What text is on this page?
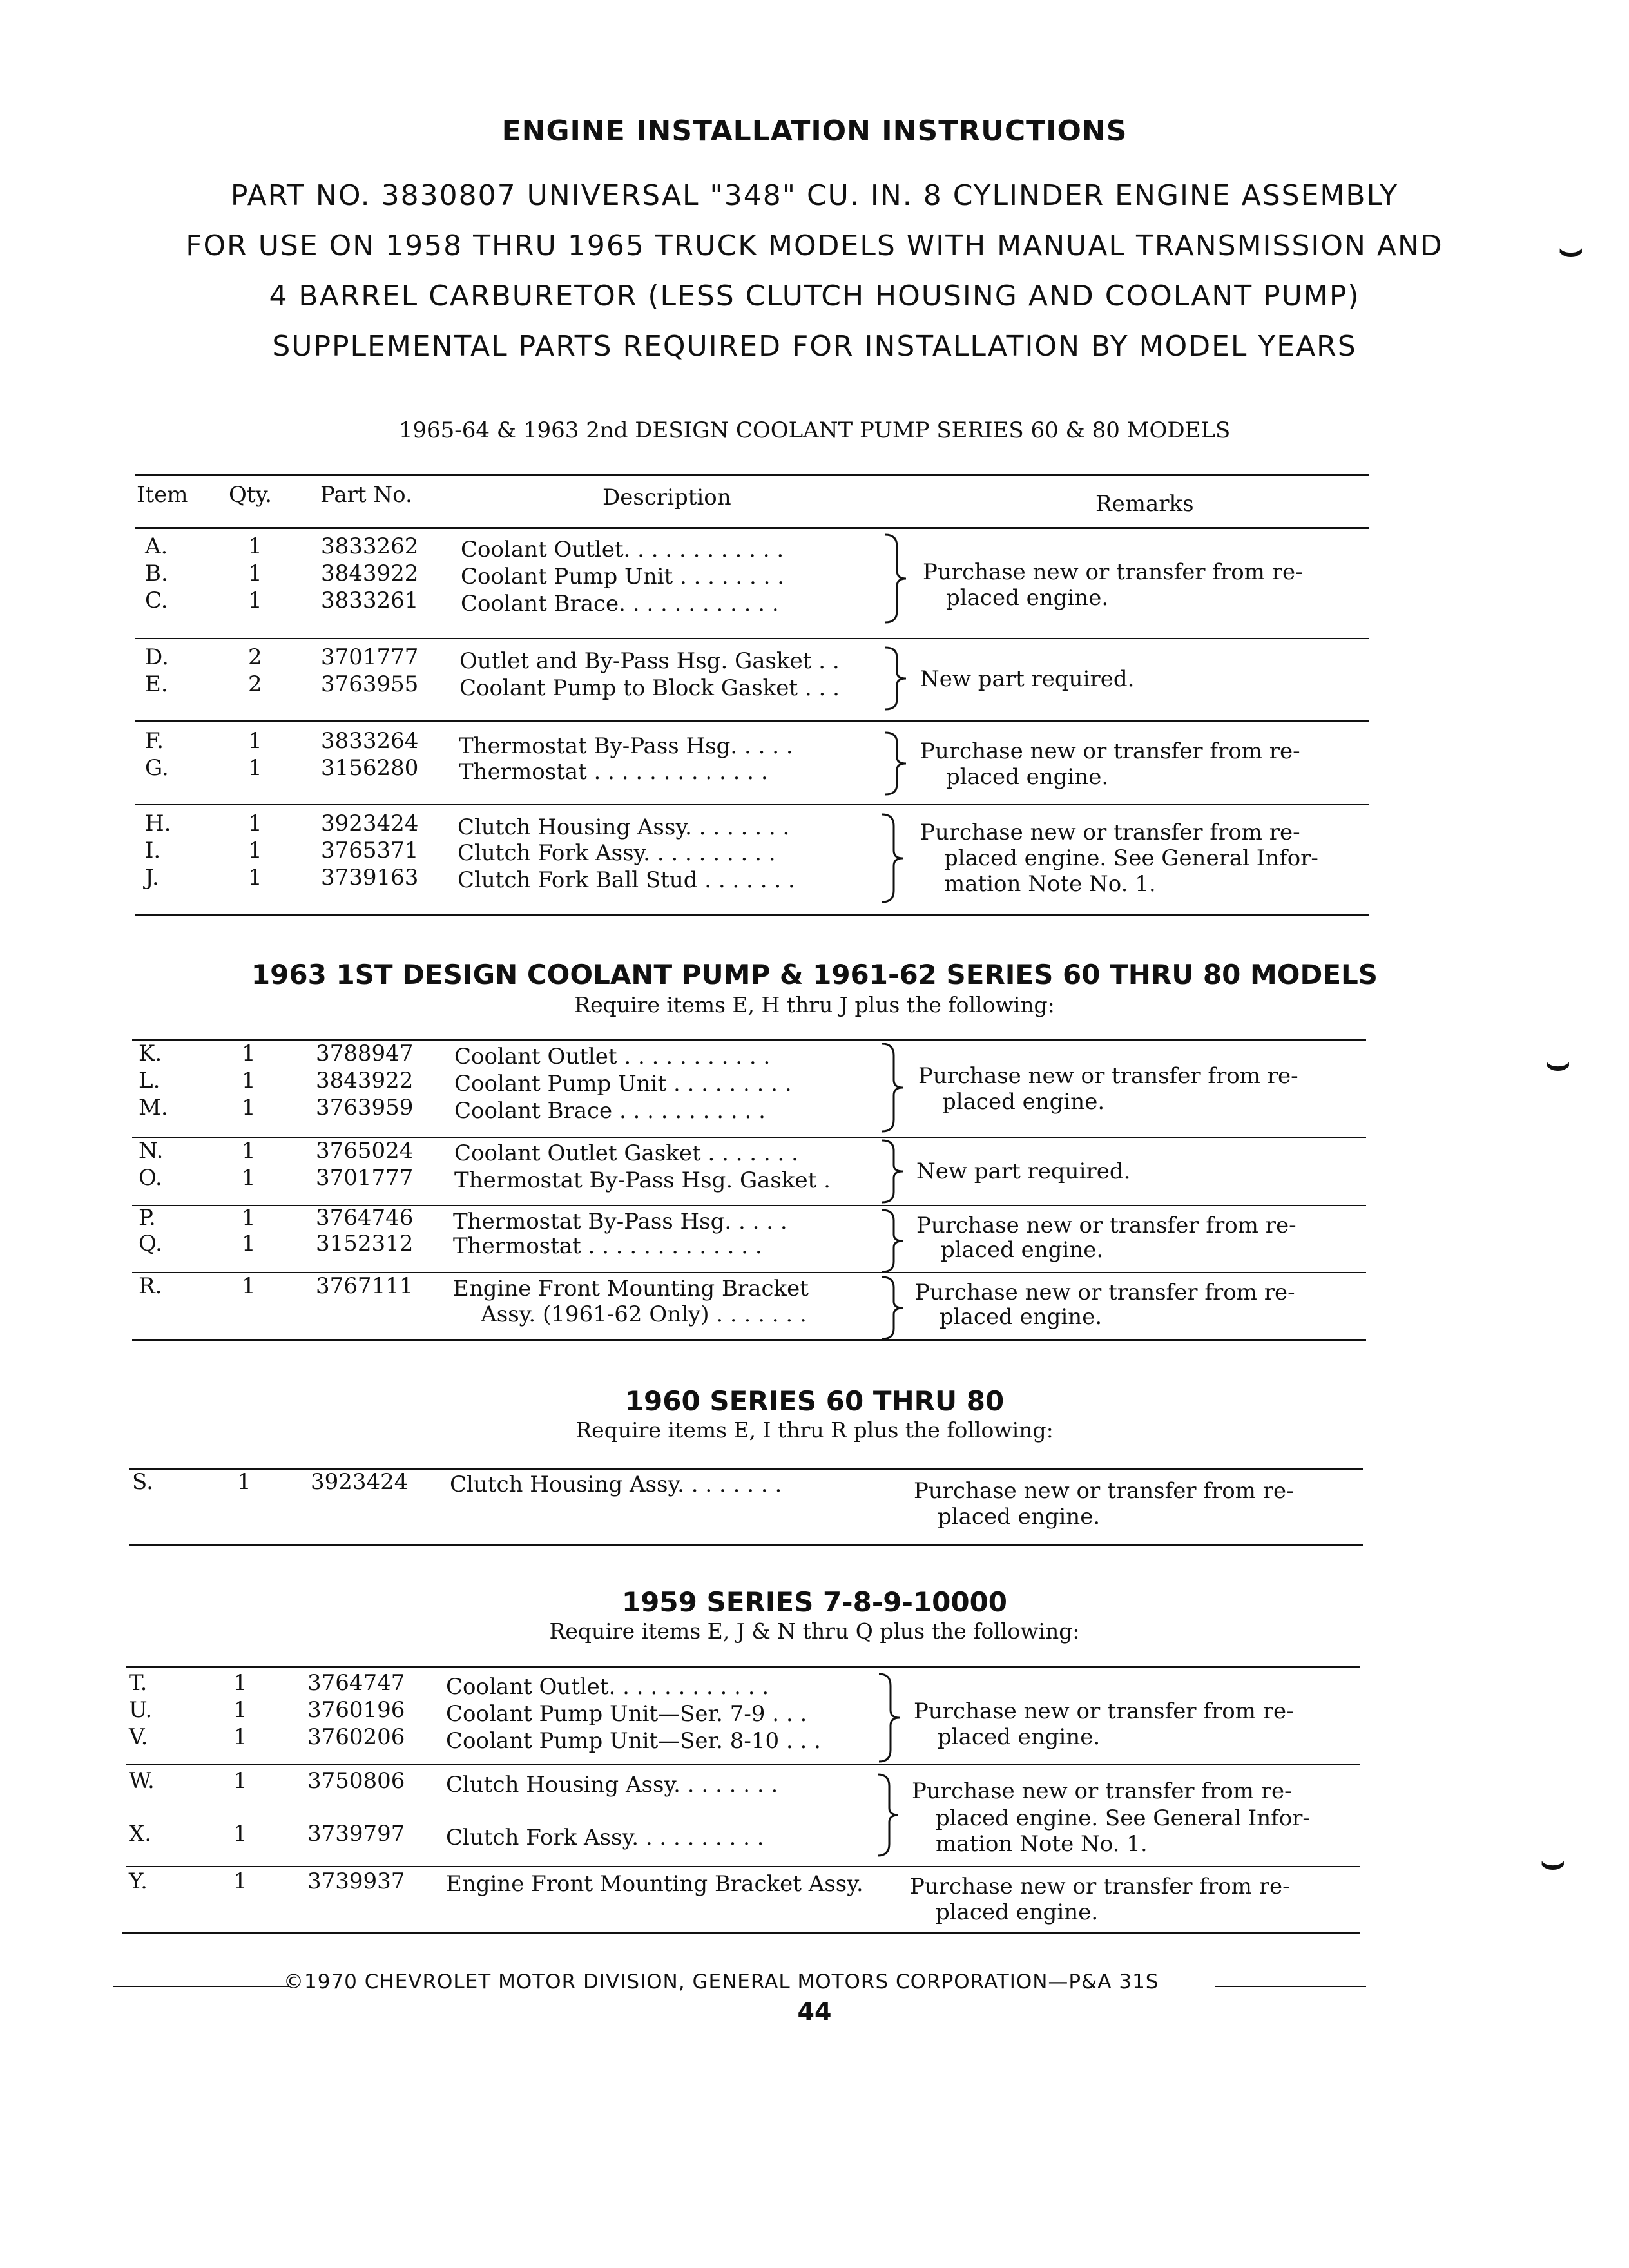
ENGINE INSTALLATION INSTRUCTIONS
PART NO. 3830807 UNIVERSAL "348" CU. IN. 8 CYLINDER ENGINE ASSEMBLY
FOR USE ON 1958 THRU 1965 TRUCK MODELS WITH MANUAL TRANSMISSION AND
4 BARREL CARBURETOR (LESS CLUTCH HOUSING AND COOLANT PUMP)
SUPPLEMENTAL PARTS REQUIRED FOR INSTALLATION BY MODEL YEARS
1965-64 & 1963 2nd DESIGN COOLANT PUMP SERIES 60 & 80 MODELS
Item Qty. Part No.	Description	Remarks
A.	1	3833262 Coolant Outlet. . . . . . . . . . . .
B.	1	3843922 Coolant Pump Unit . . . . . . . .
C.	1	3833261 Coolant Brace. . . . . . . . . . . .
Purchase new or transfer from re-
placed engine.
D.	2	3701777 Outlet and By-Pass Hsg. Gasket . .
E.	2	3763955 Coolant Pump to Block Gasket . . .	New part required.
F.	1	3833264 Thermostat By-Pass Hsg. . . . .
G.	1	3156280 Thermostat . . . . . . . . . . . . .
Purchase new or transfer from re-
placed engine.
H.	1	3923424 Clutch Housing Assy. . . . . . . .
I.	1	3765371 Clutch Fork Assy. . . . . . . . . .
J.	1	3739163 Clutch Fork Ball Stud . . . . . . .
Purchase new or transfer from re-
placed engine. See General Infor-
mation Note No. 1.
1963 1ST DESIGN COOLANT PUMP & 1961-62 SERIES 60 THRU 80 MODELS
Require items E, H thru J plus the following:
K.	1	3788947 Coolant Outlet . . . . . . . . . . .
L.	1	3843922 Coolant Pump Unit . . . . . . . . .
M.	1	3763959 Coolant Brace . . . . . . . . . . .
Purchase new or transfer from re-
placed engine.
N.	1	3765024 Coolant Outlet Gasket . . . . . . .
O.	1	3701777 Thermostat By-Pass Hsg. Gasket .	New part required.
P.	1	3764746 Thermostat By-Pass Hsg. . . . .
Q.	1	3152312 Thermostat . . . . . . . . . . . . .
Purchase new or transfer from re-
placed engine.
R.	1	3767111 Engine Front Mounting Bracket
Assy. (1961-62 Only) . . . . . . .
Purchase new or transfer from re-
placed engine.
1960 SERIES 60 THRU 80
Require items E, I thru R plus the following:
S.	1	3923424 Clutch Housing Assy. . . . . . . .	Purchase new or transfer from re-
placed engine.
1959 SERIES 7-8-9-10000
Require items E, J & N thru Q plus the following:
T.	1	3764747 Coolant Outlet. . . . . . . . . . . .
U.	1	3760196 Coolant Pump Unit—Ser. 7-9 . . .
V.	1	3760206 Coolant Pump Unit—Ser. 8-10 . . .
Purchase new or transfer from re-
placed engine.
W.	1	3750806 Clutch Housing Assy. . . . . . . .
X.	1	3739797 Clutch Fork Assy. . . . . . . . . .
Purchase new or transfer from re-
placed engine. See General Infor-
mation Note No. 1.
Y.	1	3739937 Engine Front Mounting Bracket Assy. Purchase new or transfer from re-
placed engine.
©1970 CHEVROLET MOTOR DIVISION, GENERAL MOTORS CORPORATION—P&A 31S
44
⌣
⌣
⌣
